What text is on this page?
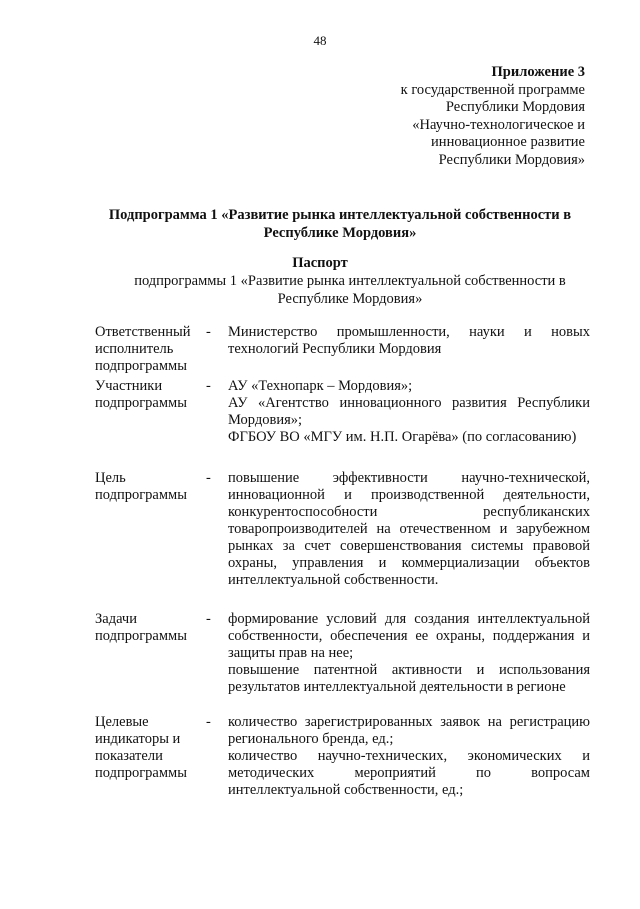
48
Приложение 3
к государственной программе
Республики Мордовия
«Научно-технологическое и
инновационное развитие
Республики Мордовия»
Подпрограмма 1 «Развитие рынка интеллектуальной собственности в Республике Мордовия»
Паспорт
подпрограммы 1 «Развитие рынка интеллектуальной собственности в Республике Мордовия»
Ответственный исполнитель подпрограммы
- Министерство промышленности, науки и новых технологий Республики Мордовия

Участники подпрограммы
- АУ «Технопарк – Мордовия»;

АУ «Агентство инновационного развития Республики Мордовия»;

ФГБОУ ВО «МГУ им. Н.П. Огарёва» (по согласованию)

Цель подпрограммы
- повышение эффективности научно-технической, инновационной и производственной деятельности, конкурентоспособности республиканских товаропроизводителей на отечественном и зарубежном рынках за счет совершенствования системы правовой охраны, управления и коммерциализации объектов интеллектуальной собственности.

Задачи подпрограммы
- формирование условий для создания интеллектуальной собственности, обеспечения ее охраны, поддержания и защиты прав на нее;

повышение патентной активности и использования результатов интеллектуальной деятельности в регионе

Целевые индикаторы и показатели подпрограммы
- количество зарегистрированных заявок на регистрацию регионального бренда, ед.;

количество научно-технических, экономических и методических мероприятий по вопросам интеллектуальной собственности, ед.;
